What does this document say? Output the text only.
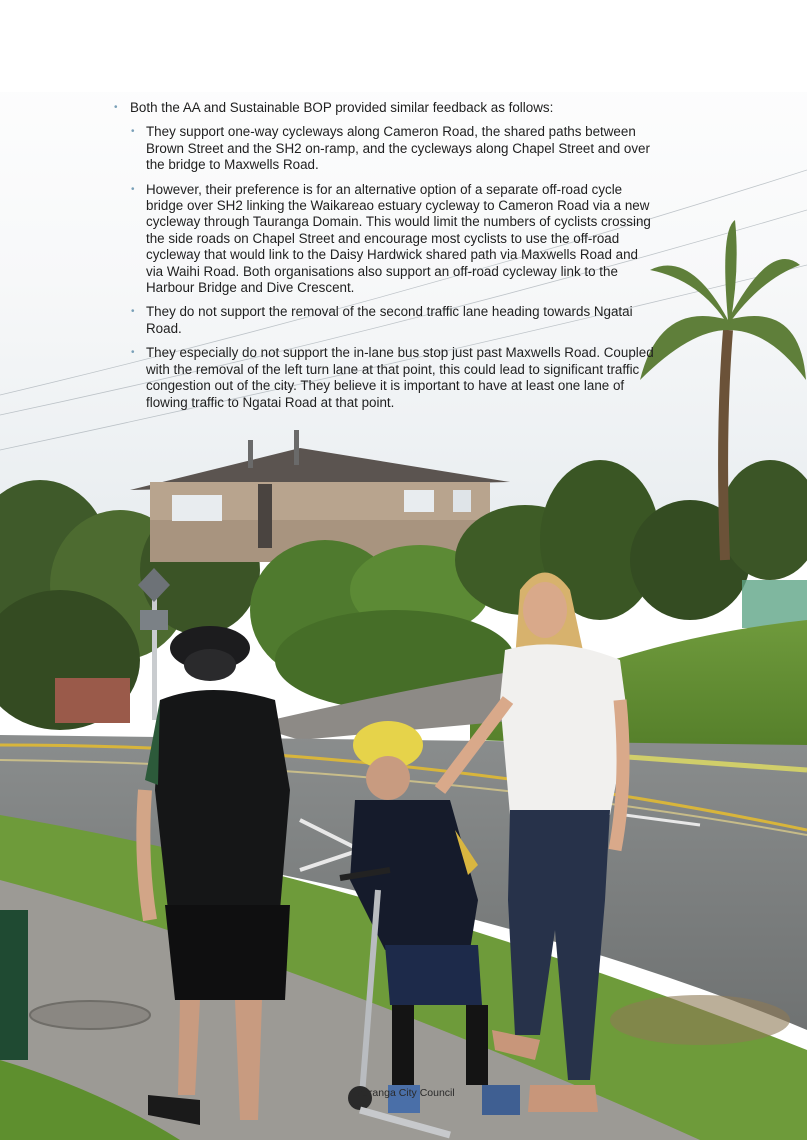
• Both the AA and Sustainable BOP provided similar feedback as follows:
• They support one-way cycleways along Cameron Road, the shared paths between Brown Street and the SH2 on-ramp, and the cycleways along Chapel Street and over the bridge to Maxwells Road.
• However, their preference is for an alternative option of a separate off-road cycle bridge over SH2 linking the Waikareao estuary cycleway to Cameron Road via a new cycleway through Tauranga Domain. This would limit the numbers of cyclists crossing the side roads on Chapel Street and encourage most cyclists to use the off-road cycleway that would link to the Daisy Hardwick shared path via Maxwells Road and via Waihi Road. Both organisations also support an off-road cycleway link to the Harbour Bridge and Dive Crescent.
• They do not support the removal of the second traffic lane heading towards Ngatai Road.
• They especially do not support the in-lane bus stop just past Maxwells Road. Coupled with the removal of the left turn lane at that point, this could lead to significant traffic congestion out of the city. They believe it is important to have at least one lane of flowing traffic to Ngatai Road at that point.
Tauranga City Council
